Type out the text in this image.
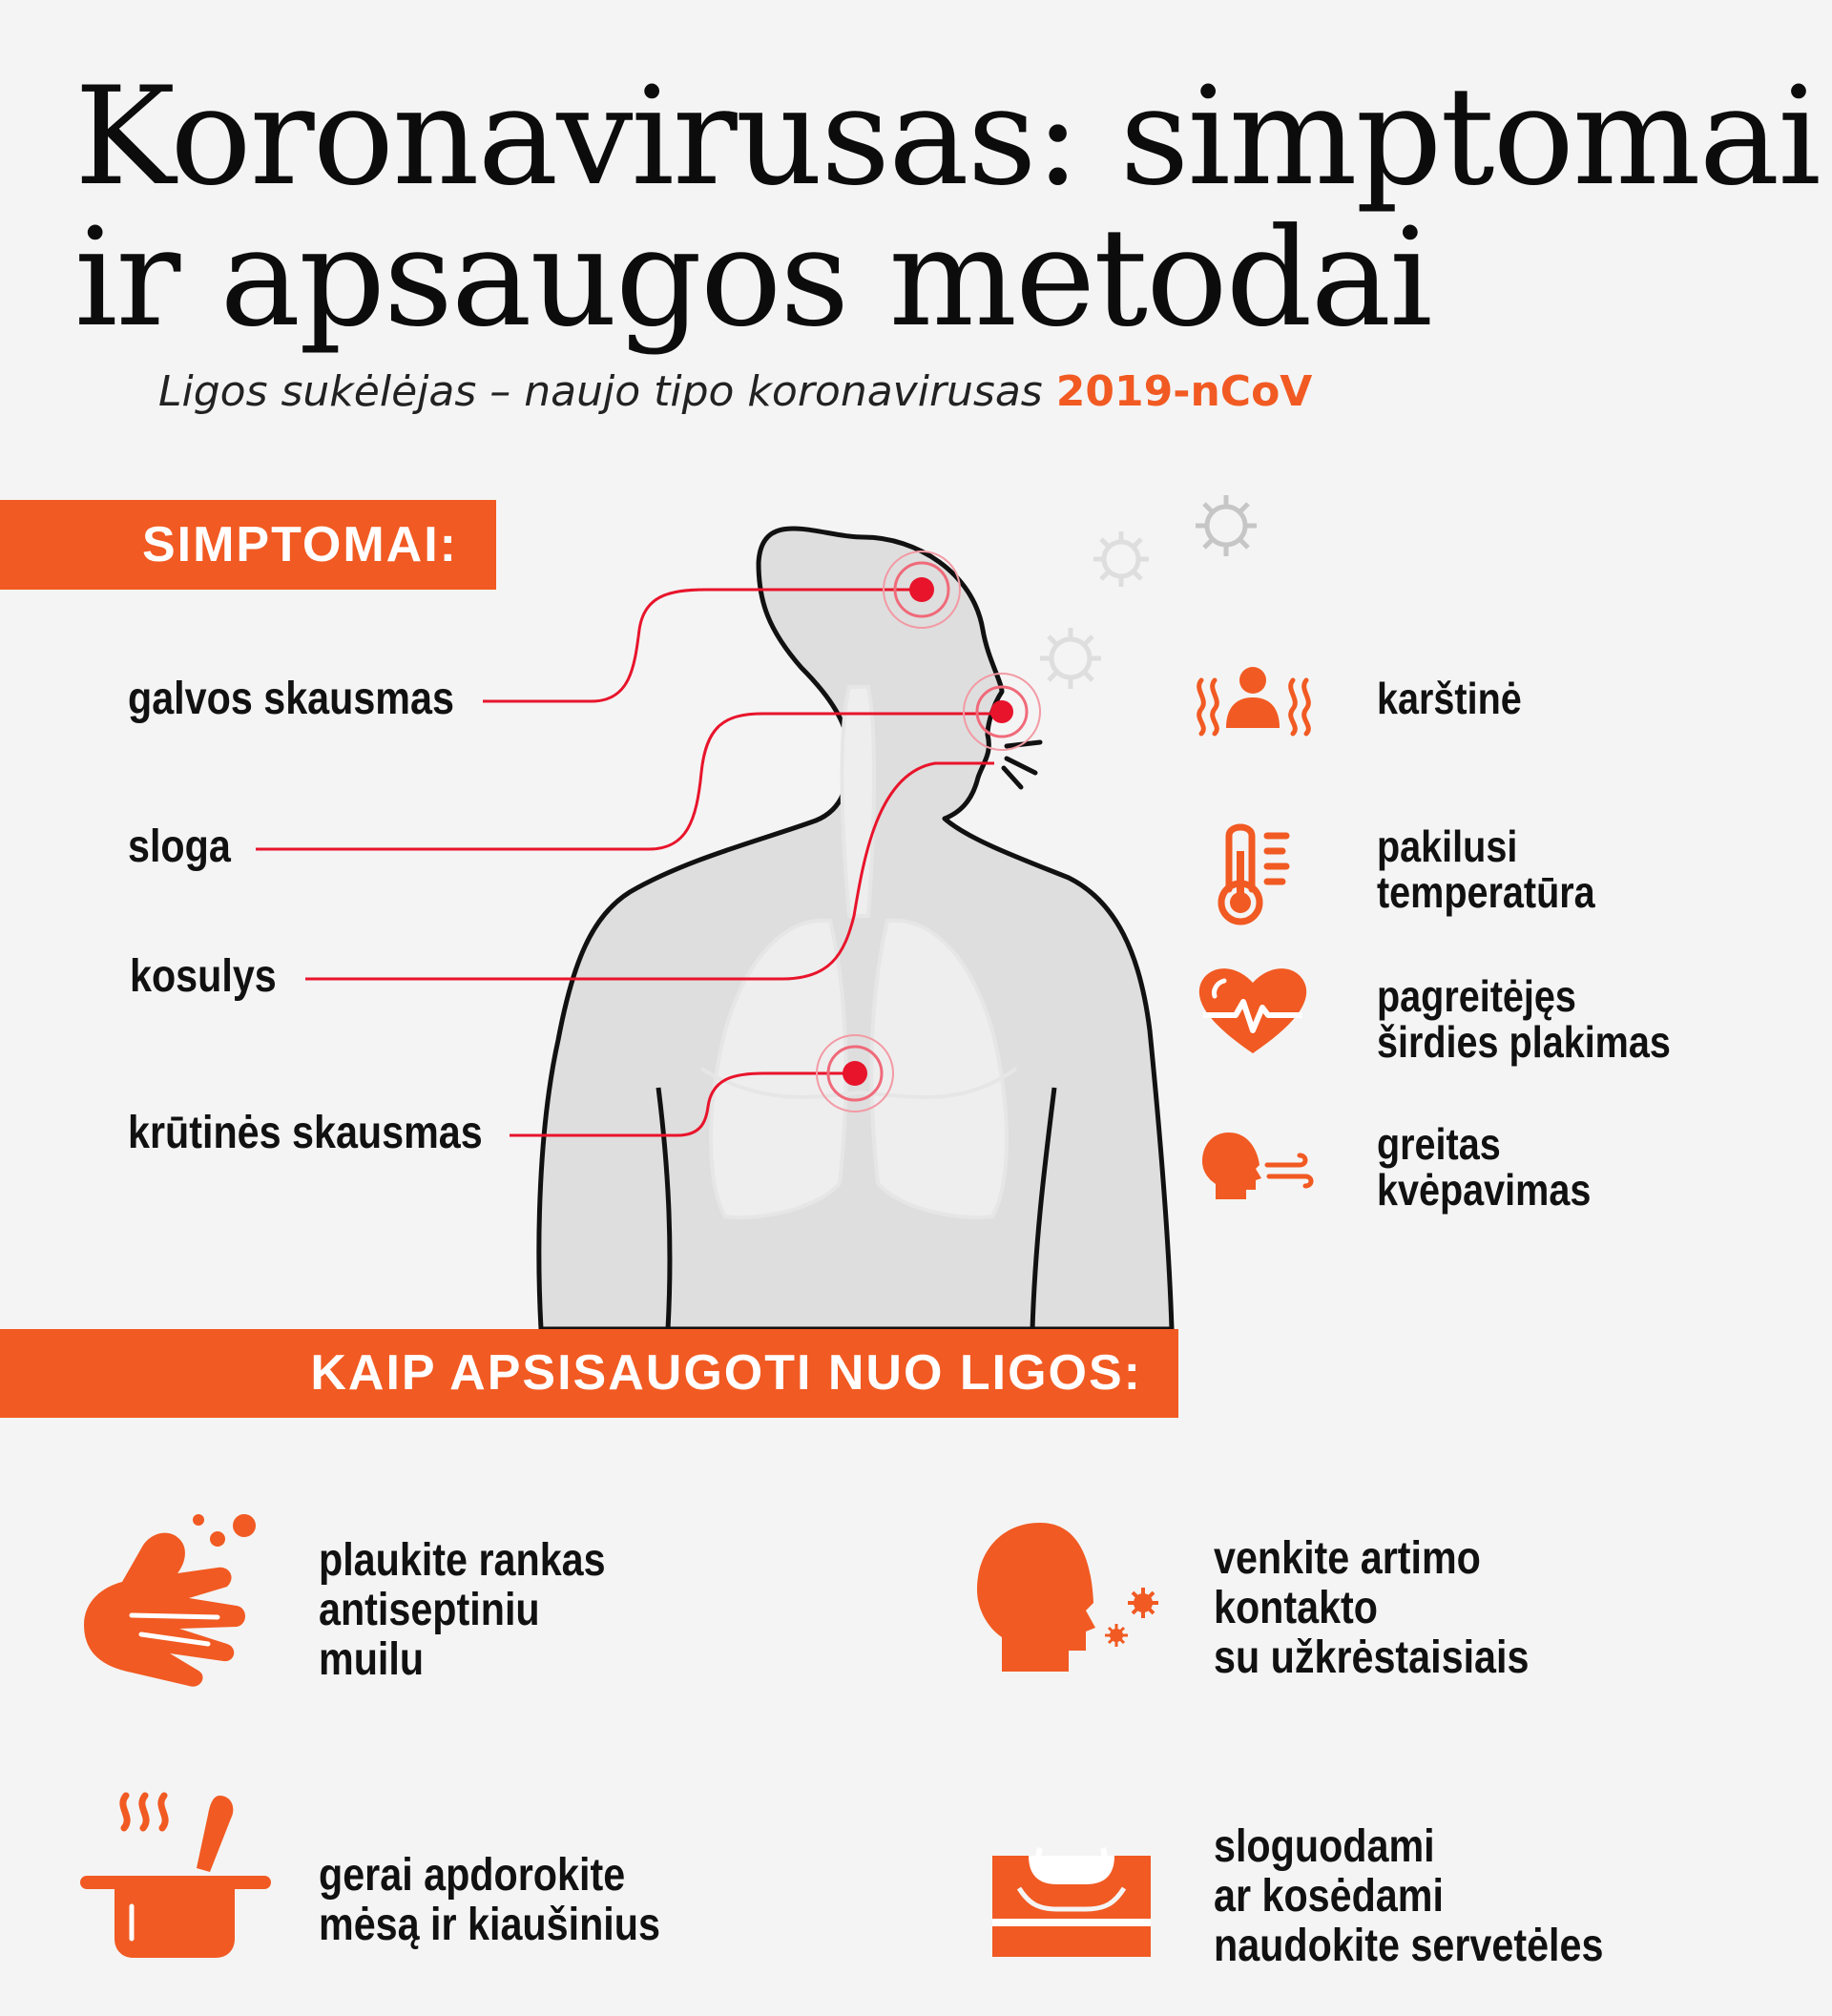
Koronavirusas: simptomai
ir apsaugos metodai
Ligos sukėlėjas – naujo tipo koronavirusas 2019-nCoV
SIMPTOMAI:
galvos skausmas
sloga
kosulys
krūtinės skausmas
karštinė
pakilusi
temperatūra
pagreitėjęs
širdies plakimas
greitas
kvėpavimas
KAIP APSISAUGOTI NUO LIGOS:
plaukite rankas
antiseptiniu
muilu
venkite artimo
kontakto
su užkrėstaisiais
gerai apdorokite
mėsą ir kiaušinius
sloguodami
ar kosėdami
naudokite servetėles
